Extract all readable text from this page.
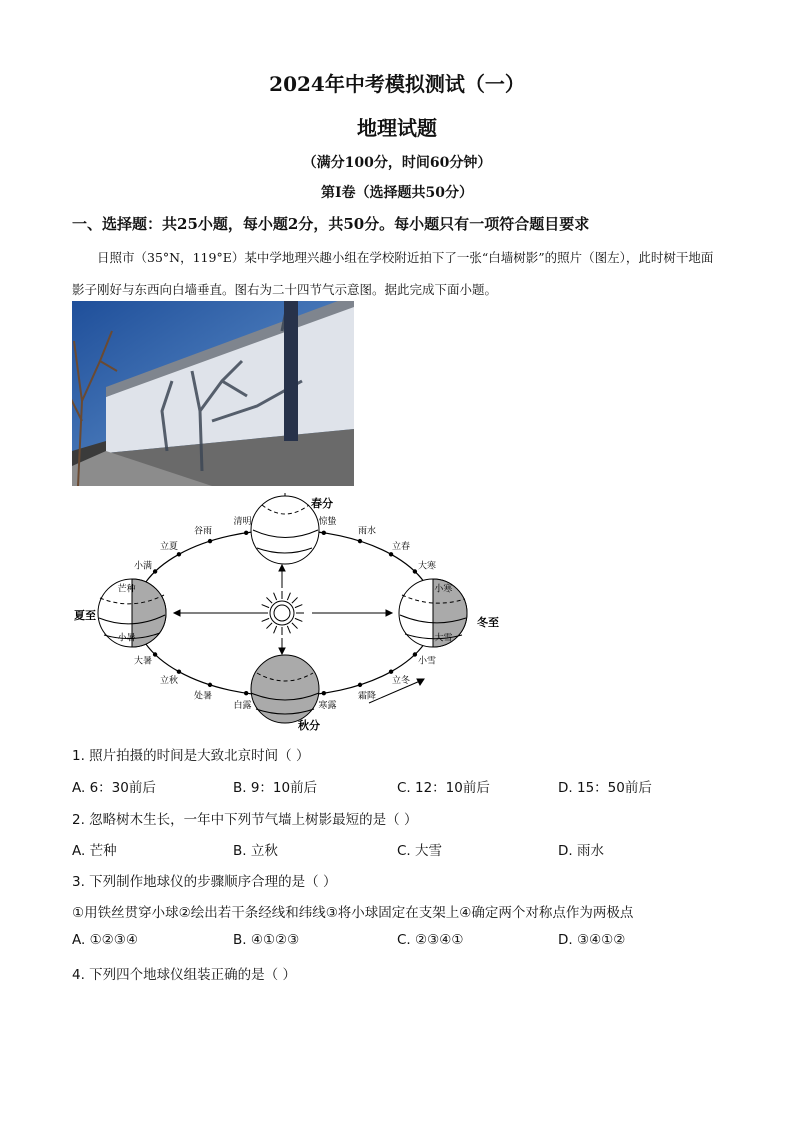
2024年中考模拟测试（一）
地理试题
（满分100分，时间60分钟）
第Ⅰ卷（选择题共50分）
一、选择题：共25小题，每小题2分，共50分。每小题只有一项符合题目要求
日照市（35°N，119°E）某中学地理兴趣小组在学校附近拍下了一张“白墙树影”的照片（图左），此时树干地面影子刚好与东西向白墙垂直。图右为二十四节气示意图。据此完成下面小题。
春分
惊蛰
雨水
立春
大寒
小寒
冬至
大雪
小雪
立冬
霜降
寒露
秋分
白露
处暑
立秋
大暑
小暑
夏至
芒种
小满
立夏
谷雨
清明
1. 照片拍摄的时间是大致北京时间（ ）
A. 6：30前后	B. 9：10前后	C. 12：10前后	D. 15：50前后
2. 忽略树木生长，一年中下列节气墙上树影最短的是（ ）
A. 芒种	B. 立秋	C. 大雪	D. 雨水
3. 下列制作地球仪的步骤顺序合理的是（ ）
①用铁丝贯穿小球②绘出若干条经线和纬线③将小球固定在支架上④确定两个对称点作为两极点
A. ①②③④	B. ④①②③	C. ②③④①	D. ③④①②
4. 下列四个地球仪组装正确的是（ ）
